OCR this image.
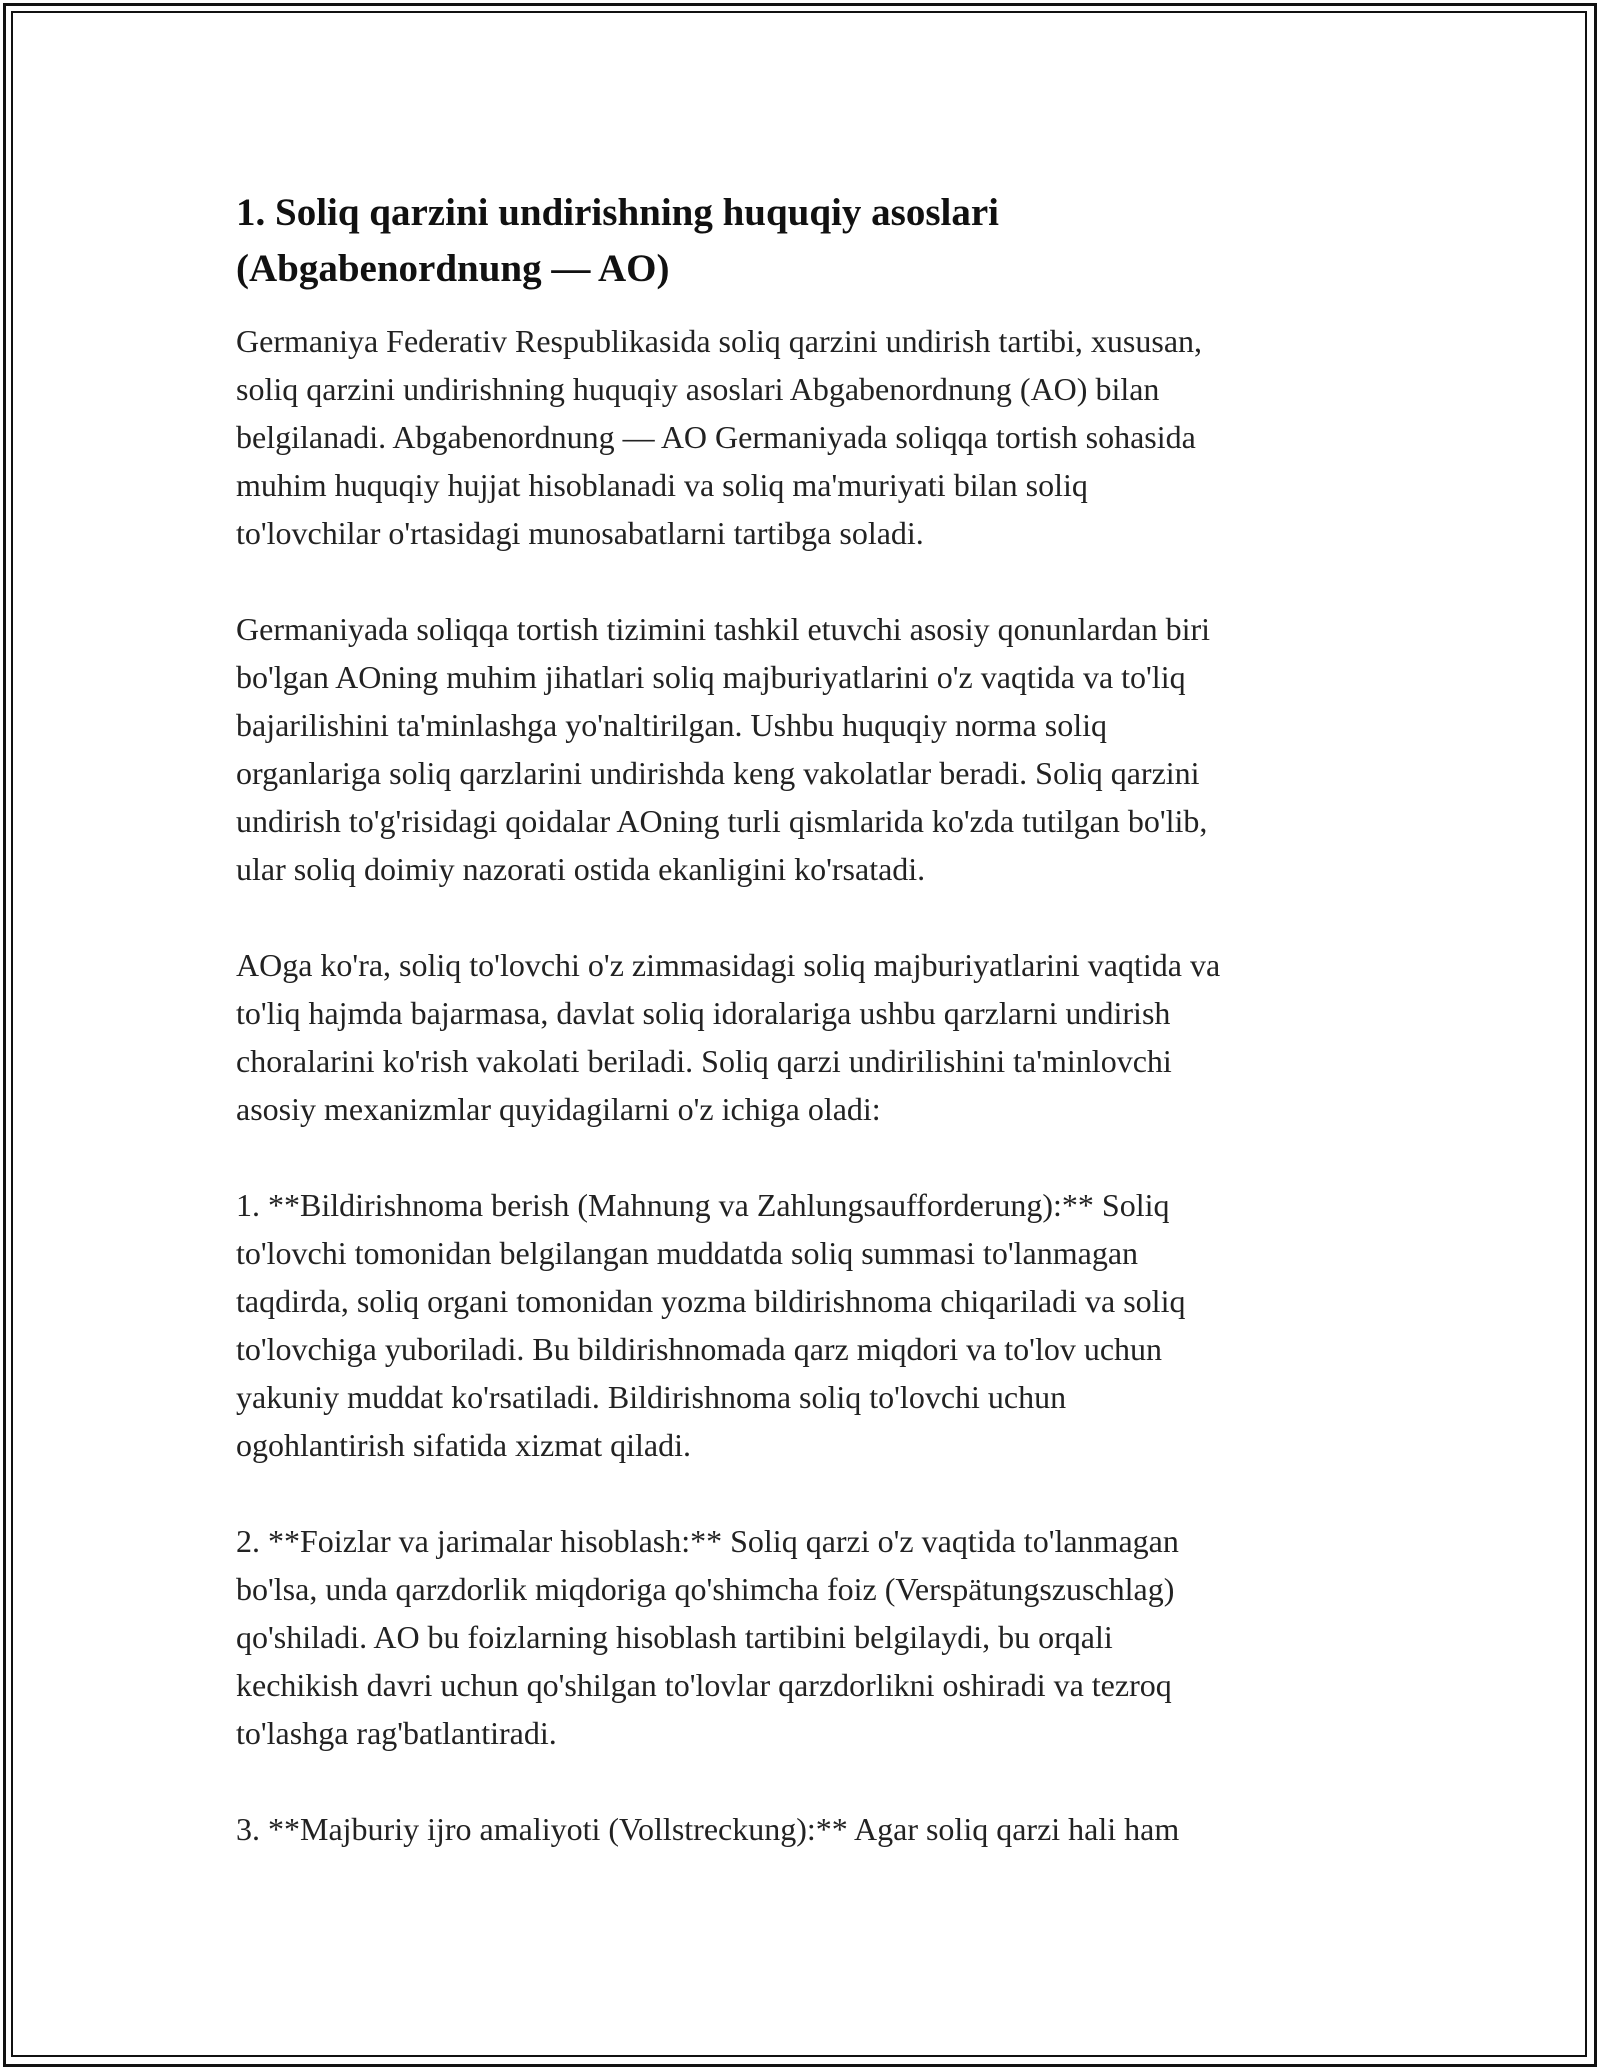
1. Soliq qarzini undirishning huquqiy asoslari (Abgabenordnung — AO)

Germaniya Federativ Respublikasida soliq qarzini undirish tartibi, xususan,
soliq qarzini undirishning huquqiy asoslari Abgabenordnung (AO) bilan
belgilanadi. Abgabenordnung — AO Germaniyada soliqqa tortish sohasida
muhim huquqiy hujjat hisoblanadi va soliq ma'muriyati bilan soliq
to'lovchilar o'rtasidagi munosabatlarni tartibga soladi.

Germaniyada soliqqa tortish tizimini tashkil etuvchi asosiy qonunlardan biri
bo'lgan AOning muhim jihatlari soliq majburiyatlarini o'z vaqtida va to'liq
bajarilishini ta'minlashga yo'naltirilgan. Ushbu huquqiy norma soliq
organlariga soliq qarzlarini undirishda keng vakolatlar beradi. Soliq qarzini
undirish to'g'risidagi qoidalar AOning turli qismlarida ko'zda tutilgan bo'lib,
ular soliq doimiy nazorati ostida ekanligini ko'rsatadi.

AOga ko'ra, soliq to'lovchi o'z zimmasidagi soliq majburiyatlarini vaqtida va
to'liq hajmda bajarmasa, davlat soliq idoralariga ushbu qarzlarni undirish
choralarini ko'rish vakolati beriladi. Soliq qarzi undirilishini ta'minlovchi
asosiy mexanizmlar quyidagilarni o'z ichiga oladi:

1. **Bildirishnoma berish (Mahnung va Zahlungsaufforderung):** Soliq
to'lovchi tomonidan belgilangan muddatda soliq summasi to'lanmagan
taqdirda, soliq organi tomonidan yozma bildirishnoma chiqariladi va soliq
to'lovchiga yuboriladi. Bu bildirishnomada qarz miqdori va to'lov uchun
yakuniy muddat ko'rsatiladi. Bildirishnoma soliq to'lovchi uchun
ogohlantirish sifatida xizmat qiladi.

2. **Foizlar va jarimalar hisoblash:** Soliq qarzi o'z vaqtida to'lanmagan
bo'lsa, unda qarzdorlik miqdoriga qo'shimcha foiz (Verspätungszuschlag)
qo'shiladi. AO bu foizlarning hisoblash tartibini belgilaydi, bu orqali
kechikish davri uchun qo'shilgan to'lovlar qarzdorlikni oshiradi va tezroq
to'lashga rag'batlantiradi.

3. **Majburiy ijro amaliyoti (Vollstreckung):** Agar soliq qarzi hali ham
